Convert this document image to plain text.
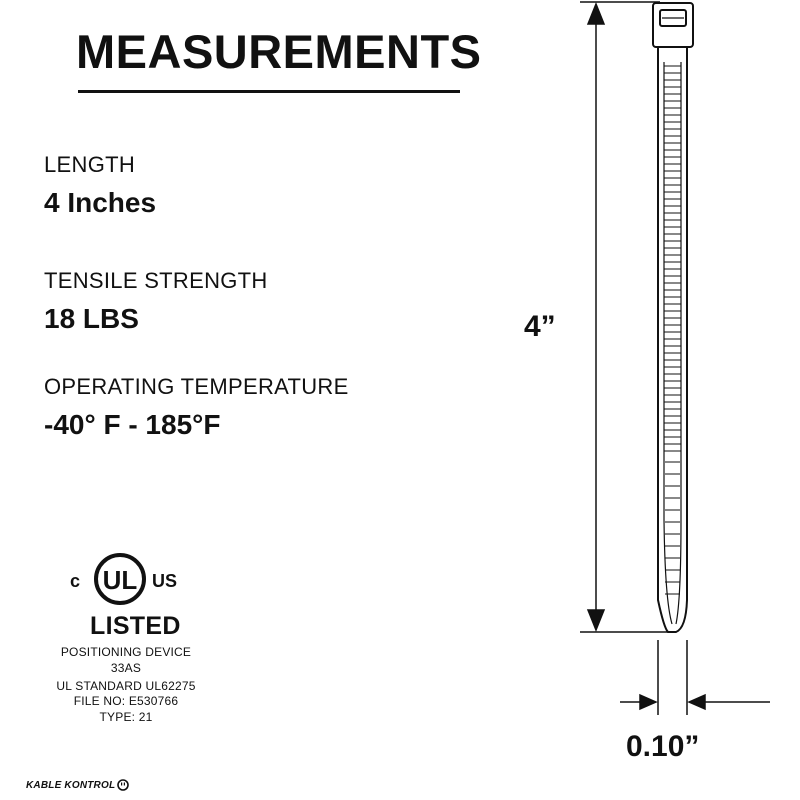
MEASUREMENTS
LENGTH
4 Inches
TENSILE STRENGTH
18 LBS
OPERATING TEMPERATURE
-40° F - 185°F
c UL US
LISTED
POSITIONING DEVICE
33AS
UL STANDARD UL62275
FILE NO: E530766
TYPE: 21
KABLE KONTROL
4”
0.10”
